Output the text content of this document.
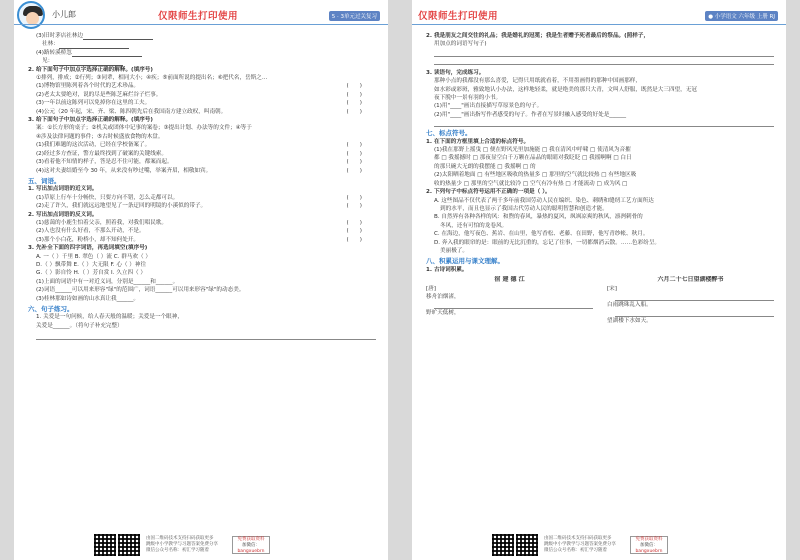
小儿郎	仅限师生打印使用	5 · 3单元过关复习

(3)旧时茅店社林边

社林：

(4)路转溪桥忽

见：

2. 给下面句子中加点字选择正确的解释。(填序号)

①排列，排成；②行列；③同辈，相同大小；④疾；⑤前面所说的提出名；⑥把代名，岳斯之…

(　　)
(1)博物馆里陈列着各个时代的艺术珍品。

(　　)
(2)老太太要绝对，说的尽是些陈芝麻烂谷子烂事。

(　　)
(3)一年以前这陈列可以免掉你在这里的工夫。

(　　)
(4)公元（20 年起，宋、齐、梁、陈四朝先后在我国南方建立政权，叫南朝。

3. 给下面句子中加点字选择正确的解释。(填序号)

案：①长方形的桌子；②机关或团体中记事的案卷；③提出计划、办法等的文件；④等于

④涉及法律问题的事件；⑤古时候盛放食物的木盘。

(　　)
(1)我们难题的这次活动，已经在学校备案了。

(　　)
(2)经过多方查证，警方最终找到了破案的关键线索。

(　　)
(3)看着他不知情的样子，答是忍不住可能，都案而起。

(　　)
(4)这对夫妻结婚至今 30 年，从来没有吵过嘴，举案齐眉，相敬如宾。

五、词语。

1. 写出加点词语的近义词。

(　　)
(1)草原上行车十分畅快，只要方向不错，怎么走都可以。

(　　)
(2)走了许久，我们就远远地望见了一条迂回的明镜的小溪似的带子。

2. 写出加点词语的反义词。

(　　)
(1)慈蔼的小鹿生怕着父亲，照着我，对我们唱民歌。

(　　)
(2)人也没有什么好看，不那么开动，不是。

(　　)
(3)那个小白花，粉桥小，却不知何处开。

3. 先补全下面的四字词语，再选词填空(填序号)

A. 一（ ）千里 B. 翠色（ ）流 C. 群马欢（ ）

D.（ ）飘带舞 E.（ ）大无限 F. 心（ ）神往

G.（ ）影自怜 H.（ ）芳自赏 I. 久立四（ ）

(1)上面的词语中有一对近义词，分别是______和______。

(2)词语______可以用来形容"绿"的范围广，词语______可以用来形容"绿"的动态美。

(3)桂林那如诗如画的山水真让我______。

六、句子练习。

1. 关爱是一句问候，给人春天般的温暖；关爱是一个眼神，

关爱是______。（将句子补充完整）

由国二维码技术支持扫码获取更多
跳级中小学教学与习题答案免费分享
微信公众号名称：初汇学习随着
免费获取资料
加微信：
bangxuebrn
仅限师生打印使用	● 小学语文 六年级 上册 RJ

2. 我是朋友之间交往的礼品；我是婚礼的冠冕；我是生者赠予死者最后的祭品。(照样子，

用加点的词语写句子)

3. 读语句，完成练习。

那种小点的我都没有那么喜爱，记得只用纸就看着，不用墨画得的那种中国画那样，

如水彩或彩斑，雅致地认小办法，这样地轻柔，就是绝美的那只大青，文叫人舒服，既然是大三四望，无冠

夜下脱中一景有羽的小书。

(1)用"____"画出直接描写草原景色的句子。

(2)用"____"画出指写作者感受的句子。作者在写景时融入感受的好处是______

七、标点符号。

1. 在下面的方框里填上合适的标点符号。

(1)我在那野上摇曳 □ 便在野风光里加施能 □ 我在清风中呼啸 □ 使清风为音摧

都 □ 我摇撼时 □ 那夜显空白千万颗在品品的眼睛对我眨眨 □ 我摇啊啊 □ 白日

的那只碗大无朗的我摆能 □ 我摇啊 □ 的

(2)太阳晒着地面 □ 有些地区吸收的热量多 □ 那里的空气就比较热 □ 有些地区吸

收的热量少 □ 那里的空气就比较冷 □ 空气有冷有热 □ 才能流动 □ 成为风 □

2. 下列句子中标点符号运用不正确的一项是（ ）。

A. 这些图品不仅代表了两千多年前我国劳动人民在编织、染色、刺绣和缝纫工艺方面所达

到的水平，而且也显示了我国古代劳动人民的聪明智慧和创造才能。

B. 自然界有各种各样的风：和煦的春风，暴热的夏风，飒飒凉爽的秋风，凛冽刺骨的

冬风，还有可怕的龙卷风。

C. 在海边，他写夜色、蕉岩、在山里，他写香松、老藤、在田野，他写青纱帐、秋月。

D. 奔入我的眼帘的是：眼前的无比沉重的，忘记了往事，一切都烟消云散。……色彩纷呈。

美丽极了。

八、积累运用与课文理解。

1. 古诗词积累。

宿 建 德 江

[唐]

移舟泊烟渚，

野旷天低树，

六月二十七日望湖楼醉书

[宋]

白雨跳珠乱入船。

望湖楼下水如天。

由国二维码技术支持扫码获取更多
跳级中小学教学与习题答案免费分享
微信公众号名称：初汇学习随着
免费获取资料
加微信：
bangxuebrn
